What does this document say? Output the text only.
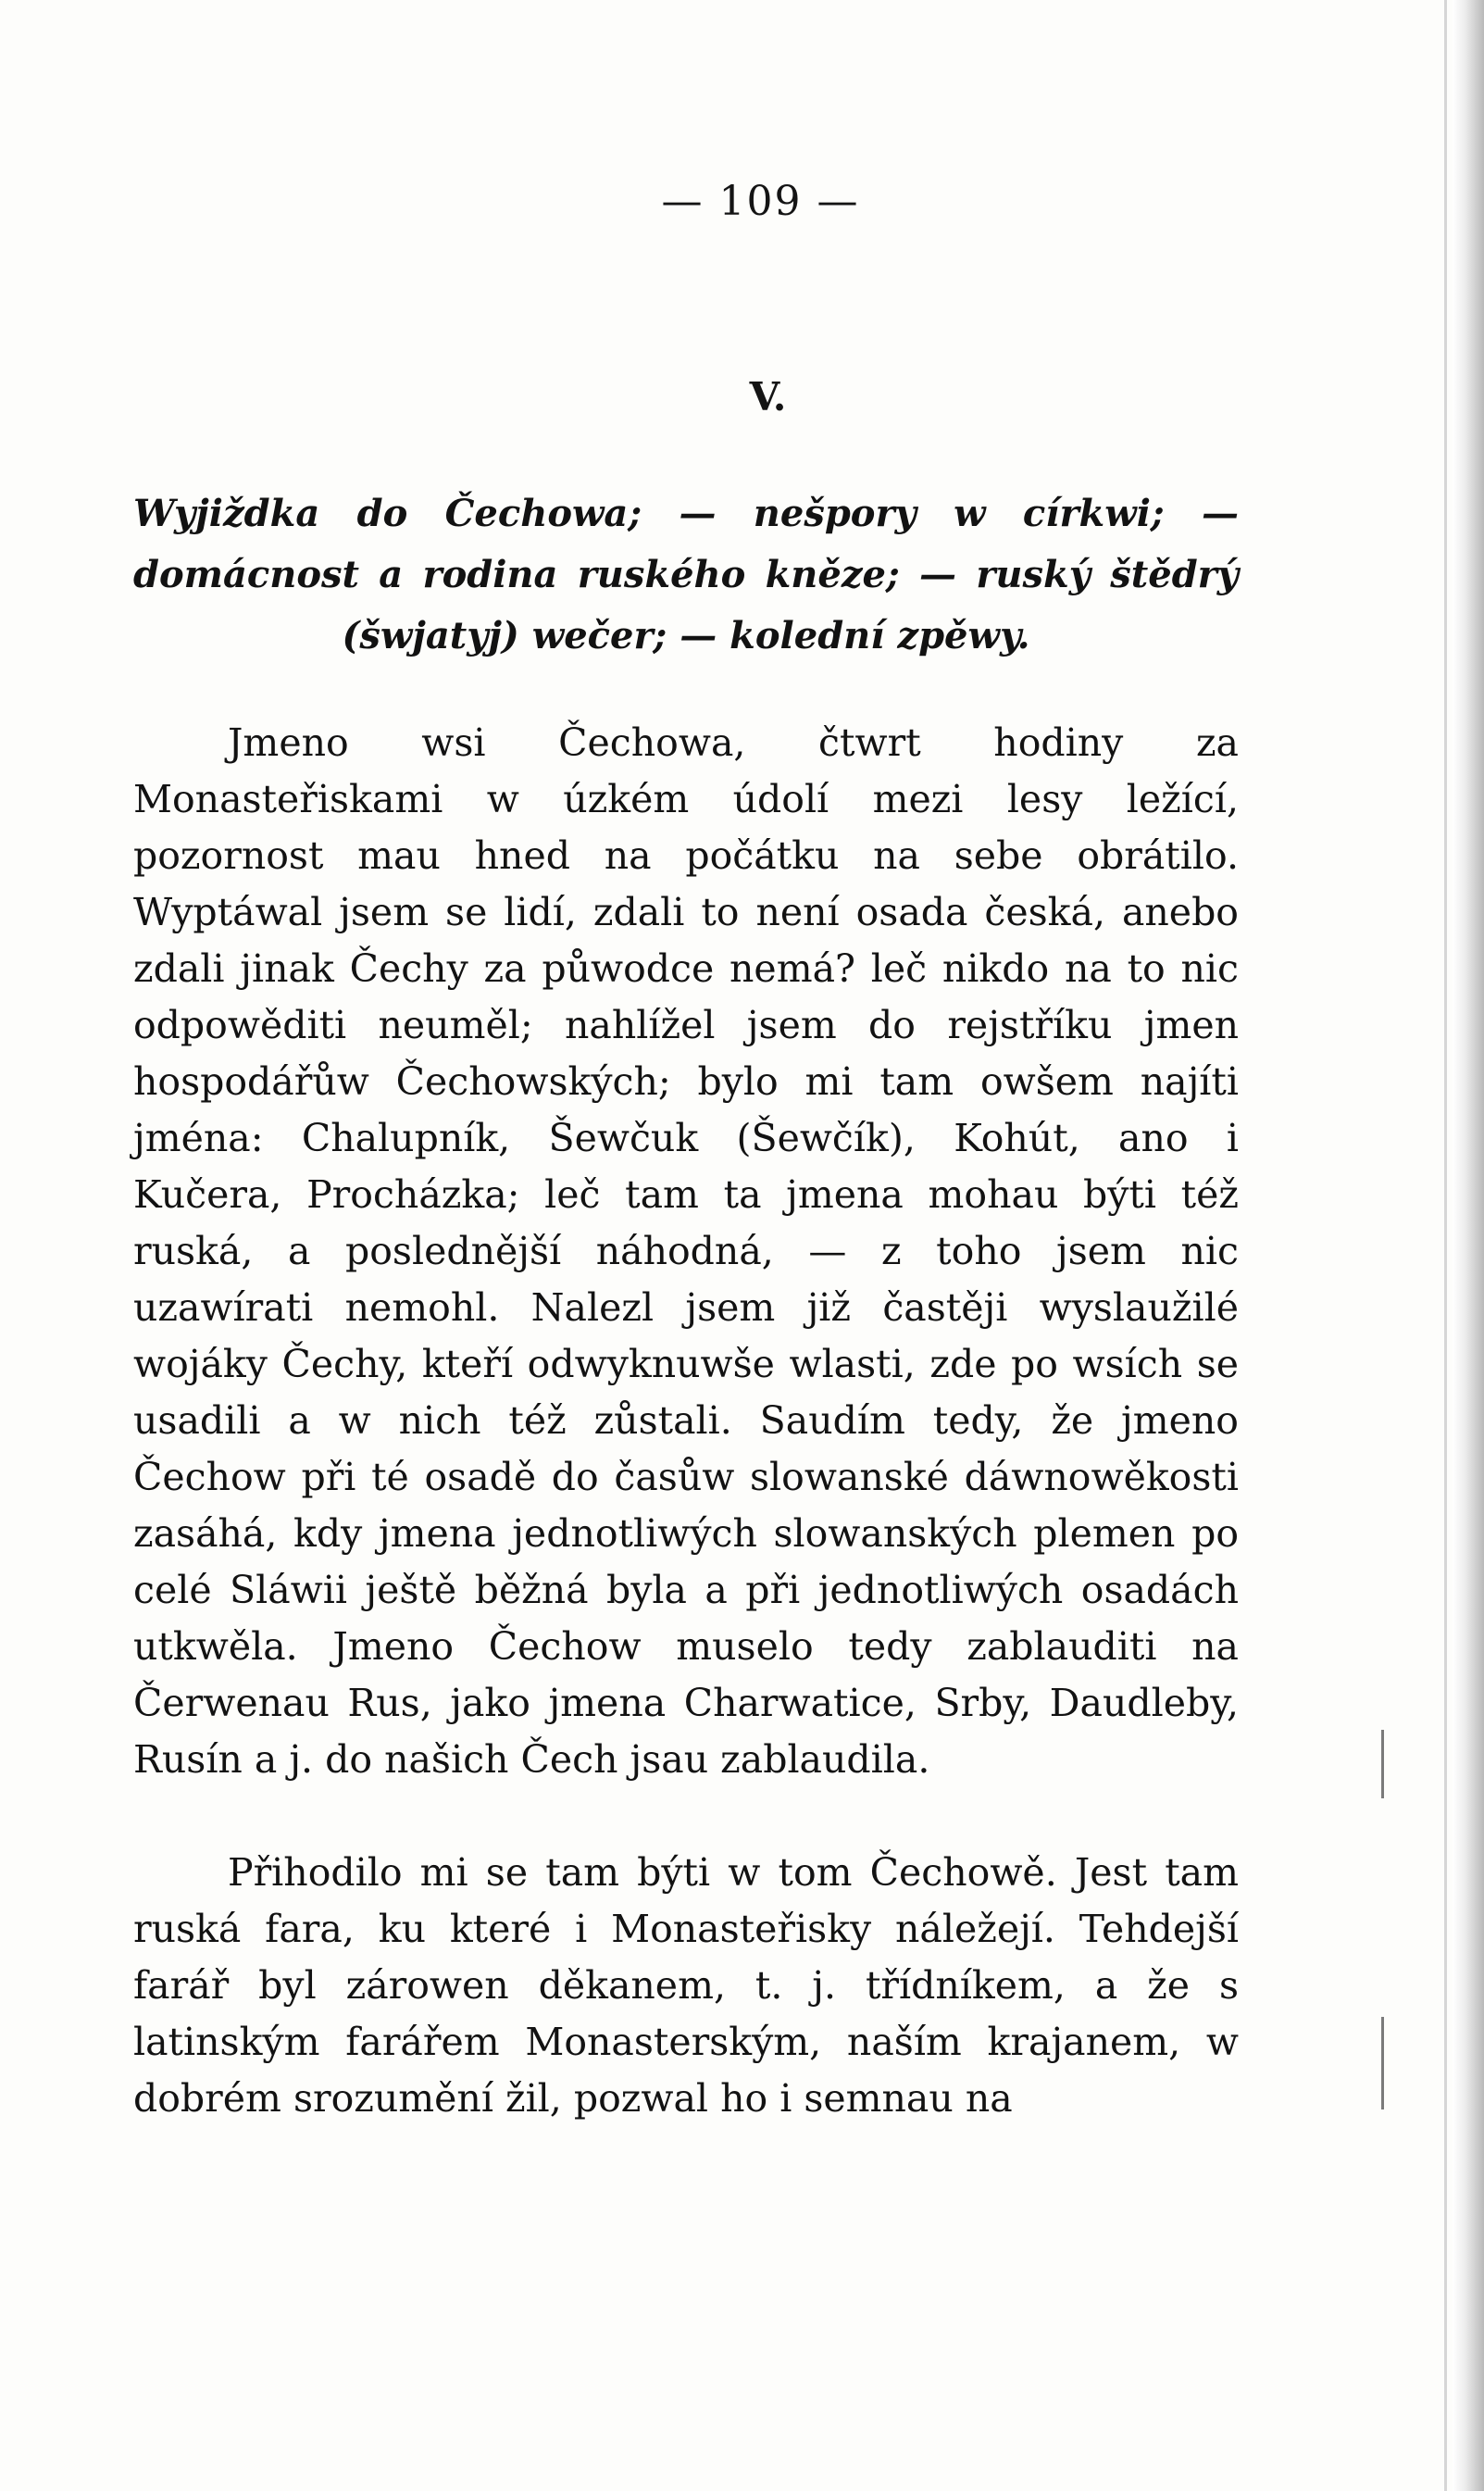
— 109 —
V.
Wyjiždka do Čechowa; — nešpory w církwi; — domácnost a rodina ruského kněze; — ruský štědrý (šwjatyj) wečer; — kolední zpěwy.

Jmeno wsi Čechowa, čtwrt hodiny za Monasteřiskami w úzkém údolí mezi lesy ležící, pozornost mau hned na počátku na sebe obrátilo. Wyptáwal jsem se lidí, zdali to není osada česká, anebo zdali jinak Čechy za půwodce nemá? leč nikdo na to nic odpowěditi neuměl; nahlížel jsem do rejstříku jmen hospodářůw Čechowských; bylo mi tam owšem najíti jména: Chalupník, Šewčuk (Šewčík), Kohút, ano i Kučera, Procházka; leč tam ta jmena mohau býti též ruská, a poslednější náhodná, — z toho jsem nic uzawírati nemohl. Nalezl jsem již častěji wyslaužilé wojáky Čechy, kteří odwyknuwše wlasti, zde po wsích se usadili a w nich též zůstali. Saudím tedy, že jmeno Čechow při té osadě do časůw slowanské dáwnowěkosti zasáhá, kdy jmena jednotliwých slowanských plemen po celé Sláwii ještě běžná byla a při jednotliwých osadách utkwěla. Jmeno Čechow muselo tedy zablauditi na Čerwenau Rus, jako jmena Charwatice, Srby, Daudleby, Rusín a j. do našich Čech jsau zablaudila.

Přihodilo mi se tam býti w tom Čechowě. Jest tam ruská fara, ku které i Monasteřisky náležejí. Tehdejší farář byl zárowen děkanem, t. j. třídníkem, a že s latinským farářem Monasterským, naším krajanem, w dobrém srozumění žil, pozwal ho i semnau na
